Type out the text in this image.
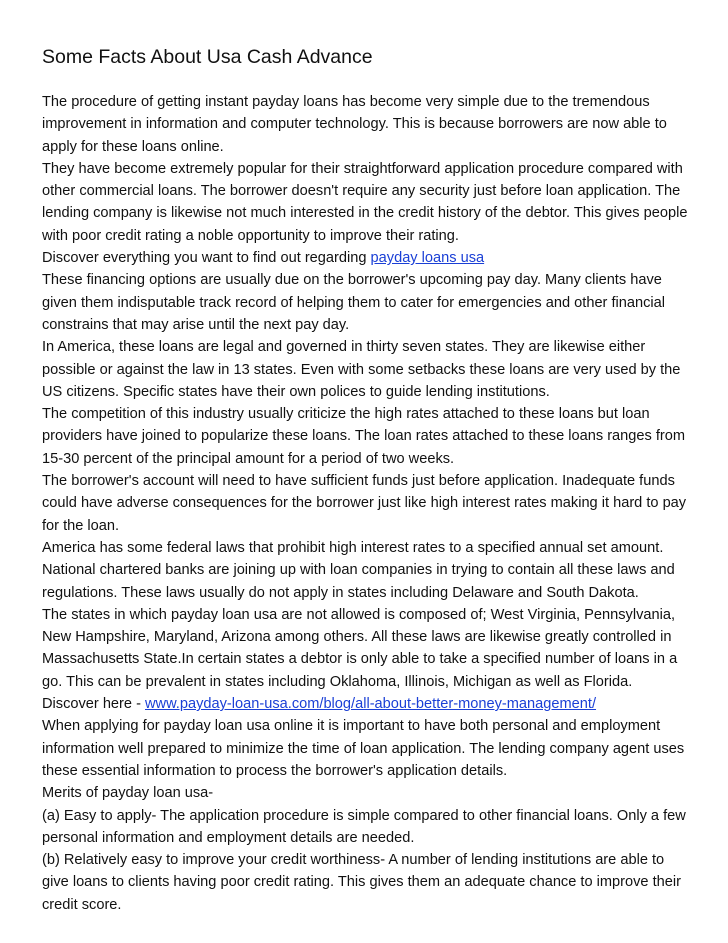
Some Facts About Usa Cash Advance

The procedure of getting instant payday loans has become very simple due to the tremendous improvement in information and computer technology. This is because borrowers are now able to apply for these loans online.

They have become extremely popular for their straightforward application procedure compared with other commercial loans. The borrower doesn't require any security just before loan application. The lending company is likewise not much interested in the credit history of the debtor. This gives people with poor credit rating a noble opportunity to improve their rating.

Discover everything you want to find out regarding payday loans usa

These financing options are usually due on the borrower's upcoming pay day. Many clients have given them indisputable track record of helping them to cater for emergencies and other financial constrains that may arise until the next pay day.

In America, these loans are legal and governed in thirty seven states. They are likewise either possible or against the law in 13 states. Even with some setbacks these loans are very used by the US citizens. Specific states have their own polices to guide lending institutions.

The competition of this industry usually criticize the high rates attached to these loans but loan providers have joined to popularize these loans. The loan rates attached to these loans ranges from 15-30 percent of the principal amount for a period of two weeks.

The borrower's account will need to have sufficient funds just before application. Inadequate funds could have adverse consequences for the borrower just like high interest rates making it hard to pay for the loan.

America has some federal laws that prohibit high interest rates to a specified annual set amount. National chartered banks are joining up with loan companies in trying to contain all these laws and regulations. These laws usually do not apply in states including Delaware and South Dakota.

The states in which payday loan usa are not allowed is composed of; West Virginia, Pennsylvania, New Hampshire, Maryland, Arizona among others. All these laws are likewise greatly controlled in Massachusetts State.In certain states a debtor is only able to take a specified number of loans in a go. This can be prevalent in states including Oklahoma, Illinois, Michigan as well as Florida.

Discover here - www.payday-loan-usa.com/blog/all-about-better-money-management/

When applying for payday loan usa online it is important to have both personal and employment information well prepared to minimize the time of loan application. The lending company agent uses these essential information to process the borrower's application details.

Merits of payday loan usa-

(a) Easy to apply- The application procedure is simple compared to other financial loans. Only a few personal information and employment details are needed.

(b) Relatively easy to improve your credit worthiness- A number of lending institutions are able to give loans to clients having poor credit rating. This gives them an adequate chance to improve their credit score.
